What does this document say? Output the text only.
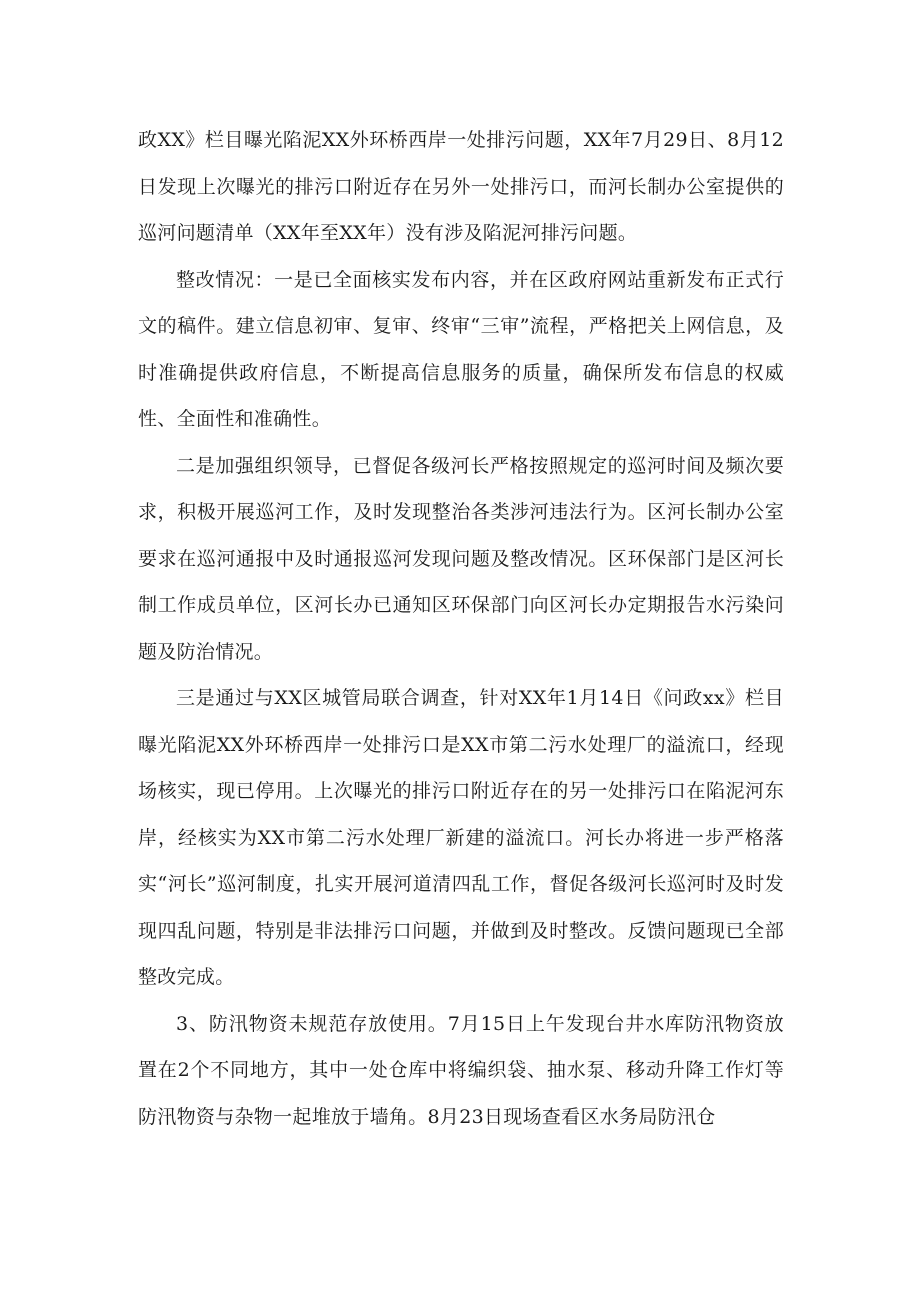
政XX》栏目曝光陷泥XX外环桥西岸一处排污问题，XX年7月29日、8月12日发现上次曝光的排污口附近存在另外一处排污口，而河长制办公室提供的巡河问题清单（XX年至XX年）没有涉及陷泥河排污问题。

整改情况：一是已全面核实发布内容，并在区政府网站重新发布正式行文的稿件。建立信息初审、复审、终审“三审”流程，严格把关上网信息，及时准确提供政府信息，不断提高信息服务的质量，确保所发布信息的权威性、全面性和准确性。

二是加强组织领导，已督促各级河长严格按照规定的巡河时间及频次要求，积极开展巡河工作，及时发现整治各类涉河违法行为。区河长制办公室要求在巡河通报中及时通报巡河发现问题及整改情况。区环保部门是区河长制工作成员单位，区河长办已通知区环保部门向区河长办定期报告水污染问题及防治情况。

三是通过与XX区城管局联合调查，针对XX年1月14日《问政xx》栏目曝光陷泥XX外环桥西岸一处排污口是XX市第二污水处理厂的溢流口，经现场核实，现已停用。上次曝光的排污口附近存在的另一处排污口在陷泥河东岸，经核实为XX市第二污水处理厂新建的溢流口。河长办将进一步严格落实“河长”巡河制度，扎实开展河道清四乱工作，督促各级河长巡河时及时发现四乱问题，特别是非法排污口问题，并做到及时整改。反馈问题现已全部整改完成。

3、防汛物资未规范存放使用。7月15日上午发现台井水库防汛物资放置在2个不同地方，其中一处仓库中将编织袋、抽水泵、移动升降工作灯等防汛物资与杂物一起堆放于墙角。8月23日现场查看区水务局防汛仓
